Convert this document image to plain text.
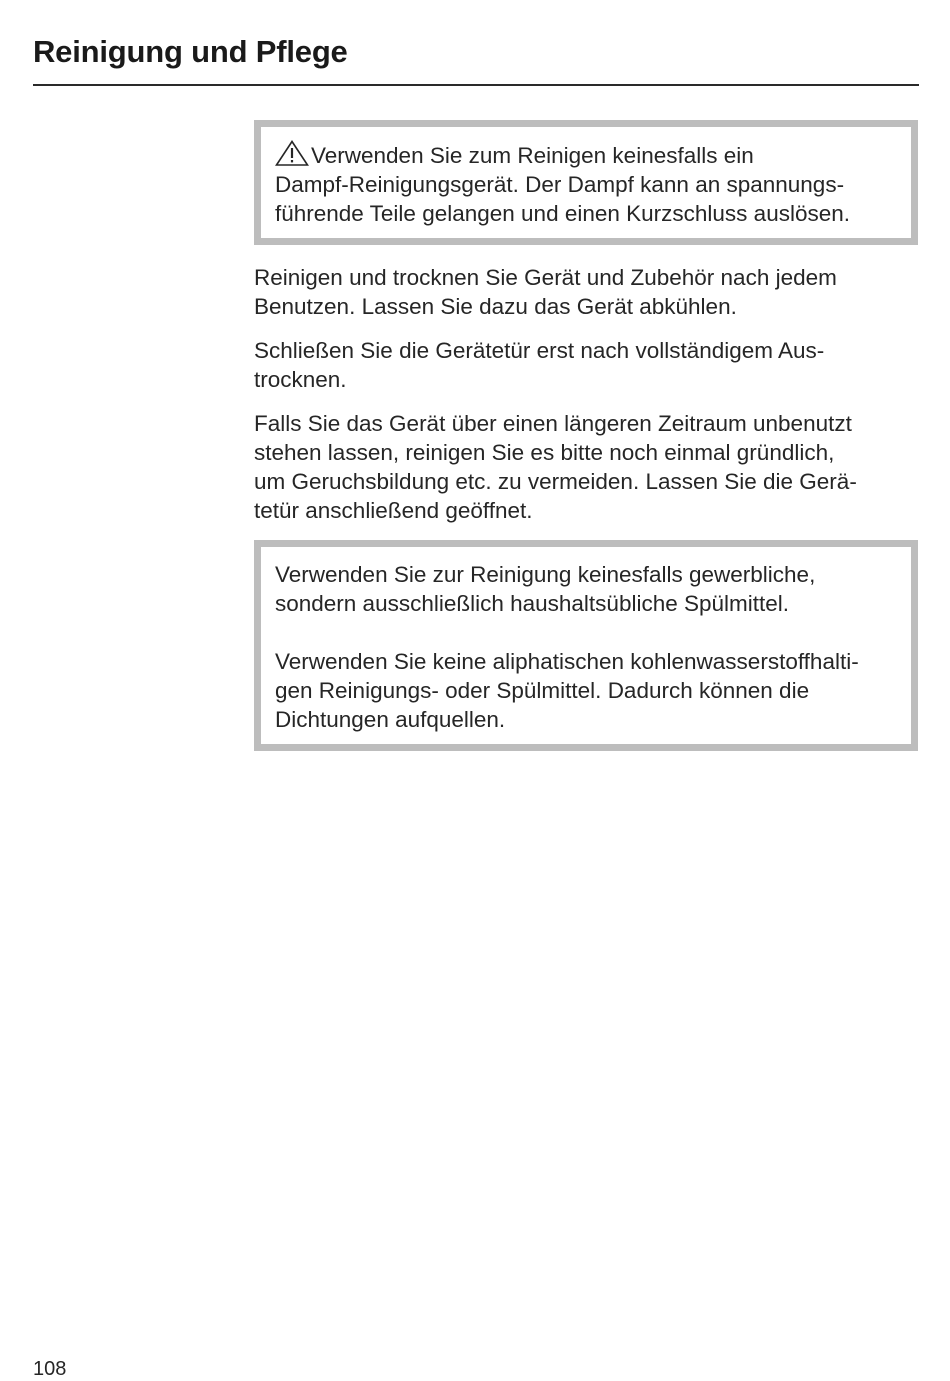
Reinigung und Pflege

Verwenden Sie zum Reinigen keinesfalls ein
Dampf-Reinigungsgerät. Der Dampf kann an spannungs-
führende Teile gelangen und einen Kurzschluss auslösen.

Reinigen und trocknen Sie Gerät und Zubehör nach jedem
Benutzen. Lassen Sie dazu das Gerät abkühlen.

Schließen Sie die Gerätetür erst nach vollständigem Aus-
trocknen.

Falls Sie das Gerät über einen längeren Zeitraum unbenutzt
stehen lassen, reinigen Sie es bitte noch einmal gründlich,
um Geruchsbildung etc. zu vermeiden. Lassen Sie die Gerä-
tetür anschließend geöffnet.

Verwenden Sie zur Reinigung keinesfalls gewerbliche,
sondern ausschließlich haushaltsübliche Spülmittel.

Verwenden Sie keine aliphatischen kohlenwasserstoffhalti-
gen Reinigungs- oder Spülmittel. Dadurch können die
Dichtungen aufquellen.

108
